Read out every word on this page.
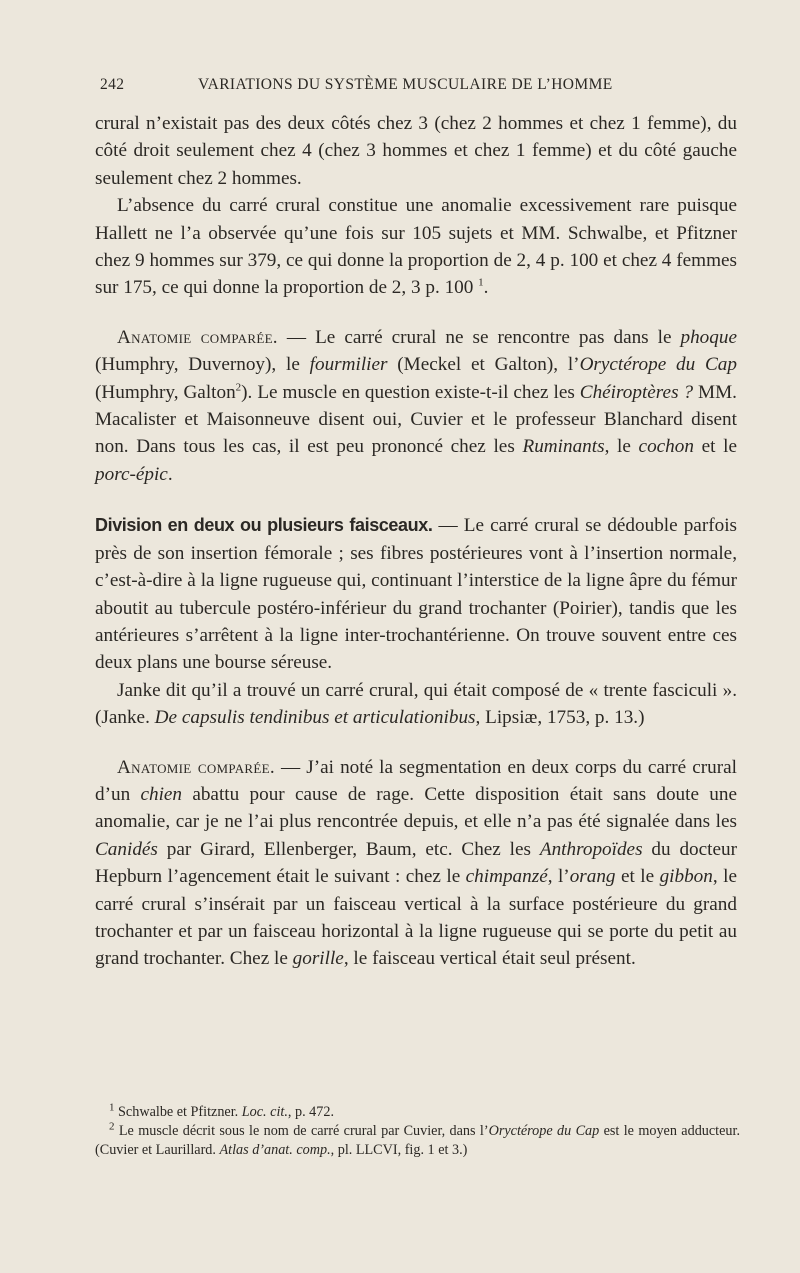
242	VARIATIONS DU SYSTÈME MUSCULAIRE DE L’HOMME

crural n’existait pas des deux côtés chez 3 (chez 2 hommes et chez 1 femme), du côté droit seulement chez 4 (chez 3 hommes et chez 1 femme) et du côté gauche seulement chez 2 hommes.

L’absence du carré crural constitue une anomalie excessivement rare puisque Hallett ne l’a observée qu’une fois sur 105 sujets et MM. Schwalbe, et Pfitzner chez 9 hommes sur 379, ce qui donne la proportion de 2, 4 p. 100 et chez 4 femmes sur 175, ce qui donne la proportion de 2, 3 p. 100 $^1$.

Anatomie comparée. — Le carré crural ne se rencontre pas dans le phoque (Humphry, Duvernoy), le fourmilier (Meckel et Galton), l’Oryctérope du Cap (Humphry, Galton$^2$). Le muscle en question existe-t-il chez les Chéiroptères ? MM. Macalister et Maisonneuve disent oui, Cuvier et le professeur Blanchard disent non. Dans tous les cas, il est peu prononcé chez les Ruminants, le cochon et le porc-épic.

Division en deux ou plusieurs faisceaux. — Le carré crural se dédouble parfois près de son insertion fémorale ; ses fibres postérieures vont à l’insertion normale, c’est-à-dire à la ligne rugueuse qui, continuant l’interstice de la ligne âpre du fémur aboutit au tubercule postéro-inférieur du grand trochanter (Poirier), tandis que les antérieures s’arrêtent à la ligne inter-trochantérienne. On trouve souvent entre ces deux plans une bourse séreuse.

Janke dit qu’il a trouvé un carré crural, qui était composé de « trente fasciculi ». (Janke. De capsulis tendinibus et articulationibus, Lipsiæ, 1753, p. 13.)

Anatomie comparée. — J’ai noté la segmentation en deux corps du carré crural d’un chien abattu pour cause de rage. Cette disposition était sans doute une anomalie, car je ne l’ai plus rencontrée depuis, et elle n’a pas été signalée dans les Canidés par Girard, Ellenberger, Baum, etc. Chez les Anthropoïdes du docteur Hepburn l’agencement était le suivant : chez le chimpanzé, l’orang et le gibbon, le carré crural s’insérait par un faisceau vertical à la surface postérieure du grand trochanter et par un faisceau horizontal à la ligne rugueuse qui se porte du petit au grand trochanter. Chez le gorille, le faisceau vertical était seul présent.

$^1$ Schwalbe et Pfitzner. Loc. cit., p. 472.

$^2$ Le muscle décrit sous le nom de carré crural par Cuvier, dans l’Oryctérope du Cap est le moyen adducteur. (Cuvier et Laurillard. Atlas d’anat. comp., pl. LLCVI, fig. 1 et 3.)
